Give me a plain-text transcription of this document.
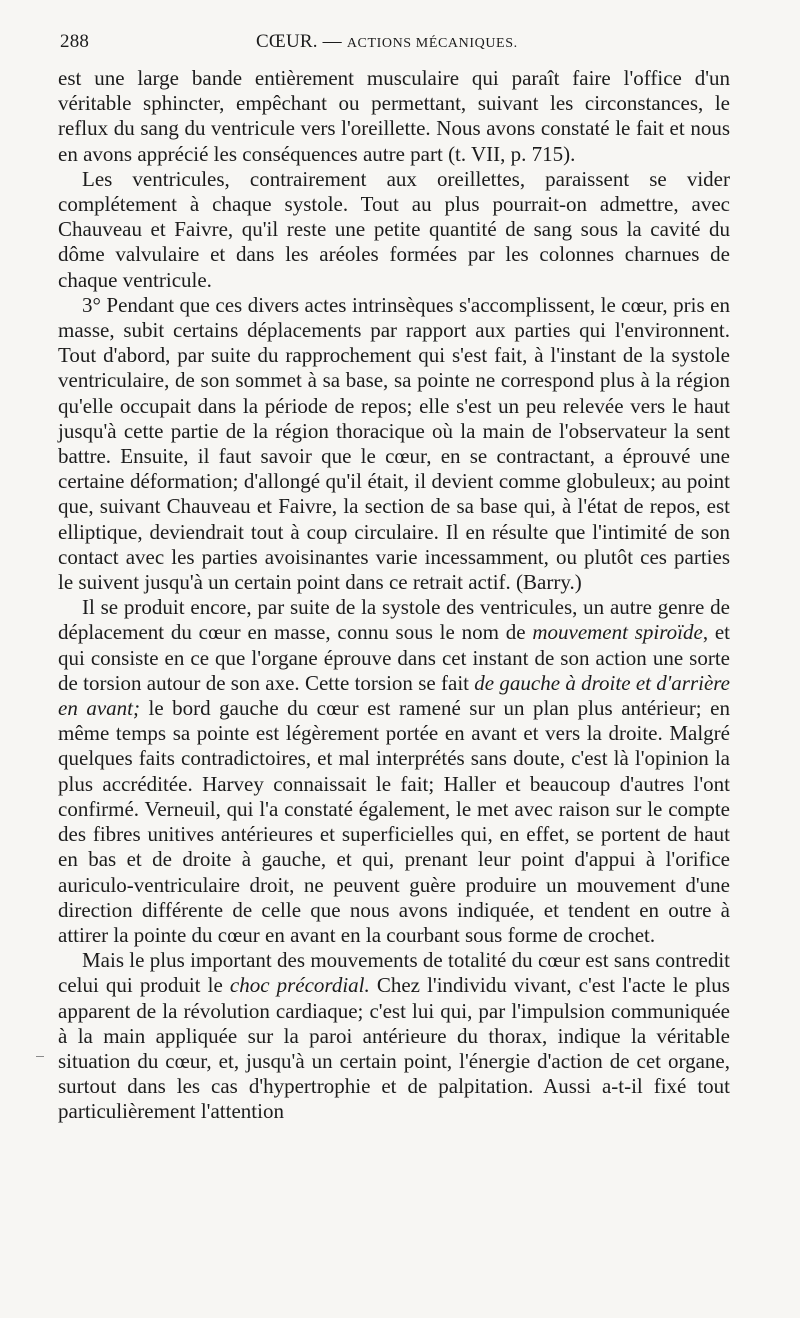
288	CŒUR. — ACTIONS MÉCANIQUES.

est une large bande entièrement musculaire qui paraît faire l'office d'un véritable sphincter, empêchant ou permettant, suivant les circonstances, le reflux du sang du ventricule vers l'oreillette. Nous avons constaté le fait et nous en avons apprécié les conséquences autre part (t. VII, p. 715).

Les ventricules, contrairement aux oreillettes, paraissent se vider complétement à chaque systole. Tout au plus pourrait-on admettre, avec Chauveau et Faivre, qu'il reste une petite quantité de sang sous la cavité du dôme valvulaire et dans les aréoles formées par les colonnes charnues de chaque ventricule.

3° Pendant que ces divers actes intrinsèques s'accomplissent, le cœur, pris en masse, subit certains déplacements par rapport aux parties qui l'environnent. Tout d'abord, par suite du rapprochement qui s'est fait, à l'instant de la systole ventriculaire, de son sommet à sa base, sa pointe ne correspond plus à la région qu'elle occupait dans la période de repos; elle s'est un peu relevée vers le haut jusqu'à cette partie de la région thoracique où la main de l'observateur la sent battre. Ensuite, il faut savoir que le cœur, en se contractant, a éprouvé une certaine déformation; d'allongé qu'il était, il devient comme globuleux; au point que, suivant Chauveau et Faivre, la section de sa base qui, à l'état de repos, est elliptique, deviendrait tout à coup circulaire. Il en résulte que l'intimité de son contact avec les parties avoisinantes varie incessamment, ou plutôt ces parties le suivent jusqu'à un certain point dans ce retrait actif. (Barry.)

Il se produit encore, par suite de la systole des ventricules, un autre genre de déplacement du cœur en masse, connu sous le nom de mouvement spiroïde, et qui consiste en ce que l'organe éprouve dans cet instant de son action une sorte de torsion autour de son axe. Cette torsion se fait de gauche à droite et d'arrière en avant; le bord gauche du cœur est ramené sur un plan plus antérieur; en même temps sa pointe est légèrement portée en avant et vers la droite. Malgré quelques faits contradictoires, et mal interprétés sans doute, c'est là l'opinion la plus accréditée. Harvey connaissait le fait; Haller et beaucoup d'autres l'ont confirmé. Verneuil, qui l'a constaté également, le met avec raison sur le compte des fibres unitives antérieures et superficielles qui, en effet, se portent de haut en bas et de droite à gauche, et qui, prenant leur point d'appui à l'orifice auriculo-ventriculaire droit, ne peuvent guère produire un mouvement d'une direction différente de celle que nous avons indiquée, et tendent en outre à attirer la pointe du cœur en avant en la courbant sous forme de crochet.

Mais le plus important des mouvements de totalité du cœur est sans contredit celui qui produit le choc précordial. Chez l'individu vivant, c'est l'acte le plus apparent de la révolution cardiaque; c'est lui qui, par l'impulsion communiquée à la main appliquée sur la paroi antérieure du thorax, indique la véritable situation du cœur, et, jusqu'à un certain point, l'énergie d'action de cet organe, surtout dans les cas d'hypertrophie et de palpitation. Aussi a-t-il fixé tout particulièrement l'attention
